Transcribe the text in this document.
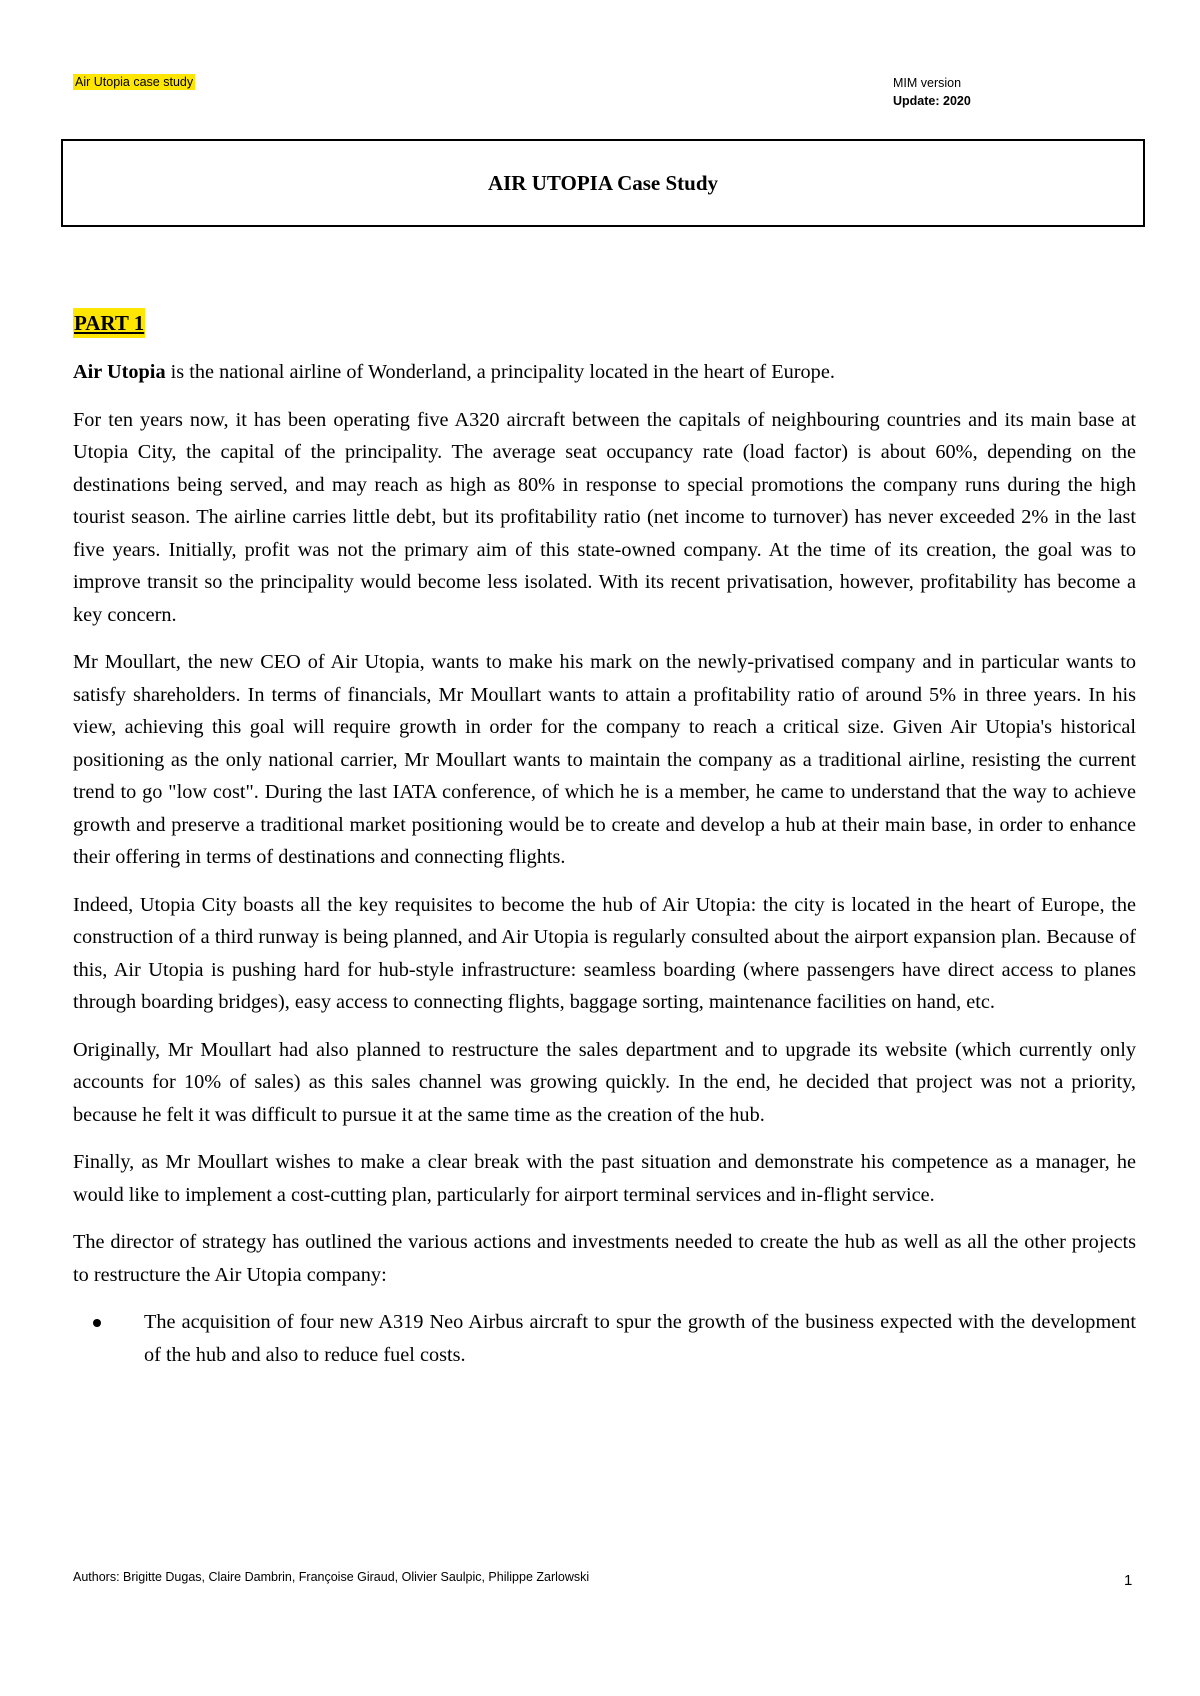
Air Utopia case study	MIM version
Update: 2020
AIR UTOPIA Case Study
PART 1

Air Utopia is the national airline of Wonderland, a principality located in the heart of Europe.

For ten years now, it has been operating five A320 aircraft between the capitals of neighbouring countries and its main base at Utopia City, the capital of the principality. The average seat occupancy rate (load factor) is about 60%, depending on the destinations being served, and may reach as high as 80% in response to special promotions the company runs during the high tourist season. The airline carries little debt, but its profitability ratio (net income to turnover) has never exceeded 2% in the last five years. Initially, profit was not the primary aim of this state-owned company. At the time of its creation, the goal was to improve transit so the principality would become less isolated. With its recent privatisation, however, profitability has become a key concern.

Mr Moullart, the new CEO of Air Utopia, wants to make his mark on the newly-privatised company and in particular wants to satisfy shareholders. In terms of financials, Mr Moullart wants to attain a profitability ratio of around 5% in three years. In his view, achieving this goal will require growth in order for the company to reach a critical size. Given Air Utopia's historical positioning as the only national carrier, Mr Moullart wants to maintain the company as a traditional airline, resisting the current trend to go "low cost". During the last IATA conference, of which he is a member, he came to understand that the way to achieve growth and preserve a traditional market positioning would be to create and develop a hub at their main base, in order to enhance their offering in terms of destinations and connecting flights.

Indeed, Utopia City boasts all the key requisites to become the hub of Air Utopia: the city is located in the heart of Europe, the construction of a third runway is being planned, and Air Utopia is regularly consulted about the airport expansion plan. Because of this, Air Utopia is pushing hard for hub-style infrastructure: seamless boarding (where passengers have direct access to planes through boarding bridges), easy access to connecting flights, baggage sorting, maintenance facilities on hand, etc.

Originally, Mr Moullart had also planned to restructure the sales department and to upgrade its website (which currently only accounts for 10% of sales) as this sales channel was growing quickly. In the end, he decided that project was not a priority, because he felt it was difficult to pursue it at the same time as the creation of the hub.

Finally, as Mr Moullart wishes to make a clear break with the past situation and demonstrate his competence as a manager, he would like to implement a cost-cutting plan, particularly for airport terminal services and in-flight service.

The director of strategy has outlined the various actions and investments needed to create the hub as well as all the other projects to restructure the Air Utopia company:

The acquisition of four new A319 Neo Airbus aircraft to spur the growth of the business expected with the development of the hub and also to reduce fuel costs.
Authors: Brigitte Dugas, Claire Dambrin, Françoise Giraud, Olivier Saulpic, Philippe Zarlowski	1
